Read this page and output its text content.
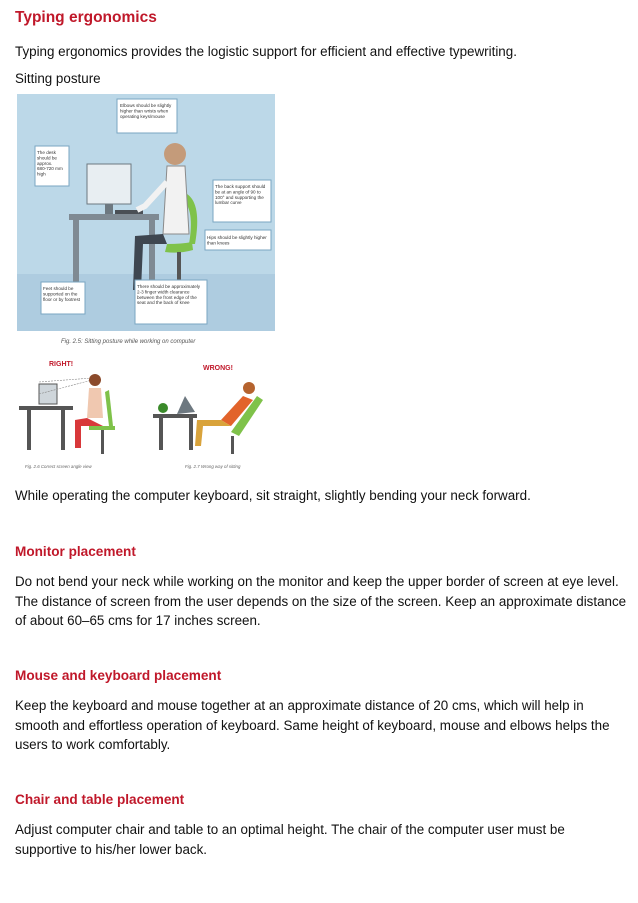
Typing ergonomics

Typing ergonomics provides the logistic support for efficient and effective typewriting.

Sitting posture

Elbows should be slightly higher than wrists when operating keys/mouse
The desk should be approx. 680-720 mm high
The back support should be at an angle of 90 to 100° and supporting the lumbar curve
Hips should be slightly higher than knees
Feet should be supported on the floor or by footrest
There should be approximately 2-3 finger width clearance between the front edge of the seat and the back of knee
Fig. 2.5: Sitting posture while working on computer
RIGHT!
Fig. 2.6 Correct screen angle view
WRONG!
Fig. 2.7 Wrong way of sitting

While operating the computer keyboard, sit straight, slightly bending your neck forward.

Monitor placement

Do not bend your neck while working on the monitor and keep the upper border of screen at eye level. The distance of screen from the user depends on the size of the screen. Keep an approximate distance of about 60–65 cms for 17 inches screen.

Mouse and keyboard placement

Keep the keyboard and mouse together at an approximate distance of 20 cms, which will help in smooth and effortless operation of keyboard. Same height of keyboard, mouse and elbows helps the users to work comfortably.

Chair and table placement

Adjust computer chair and table to an optimal height. The chair of the computer user must be supportive to his/her lower back.
